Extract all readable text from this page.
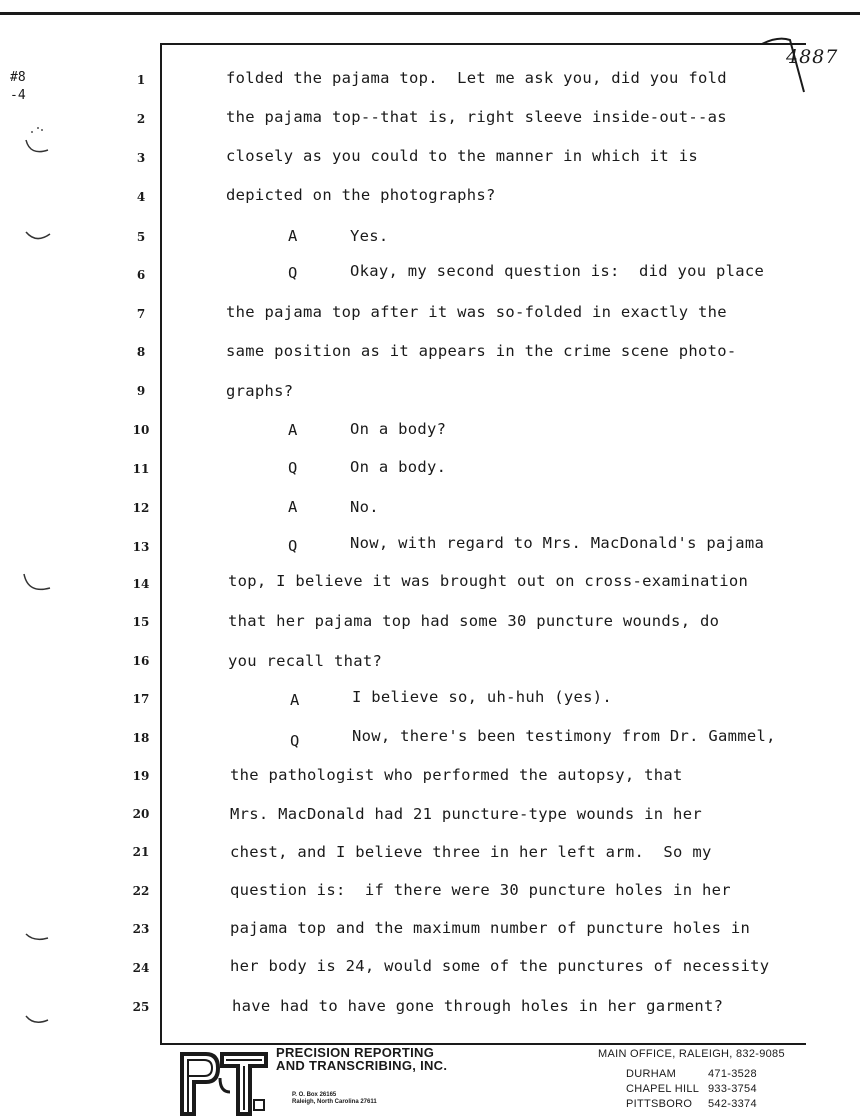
4887
#8
-4
1	folded the pajama top.  Let me ask you, did you fold
2	the pajama top--that is, right sleeve inside-out--as
3	closely as you could to the manner in which it is
4	depicted on the photographs?
5	A	Yes.
6	Q	Okay, my second question is:  did you place
7	the pajama top after it was so-folded in exactly the
8	same position as it appears in the crime scene photo-
9	graphs?
10	A	On a body?
11	Q	On a body.
12	A	No.
13	Q	Now, with regard to Mrs. MacDonald's pajama
14	top, I believe it was brought out on cross-examination
15	that her pajama top had some 30 puncture wounds, do
16	you recall that?
17	A	I believe so, uh-huh (yes).
18	Q	Now, there's been testimony from Dr. Gammel,
19	the pathologist who performed the autopsy, that
20	Mrs. MacDonald had 21 puncture-type wounds in her
21	chest, and I believe three in her left arm.  So my
22	question is:  if there were 30 puncture holes in her
23	pajama top and the maximum number of puncture holes in
24	her body is 24, would some of the punctures of necessity
25	have had to have gone through holes in her garment?
PRECISION REPORTING
AND TRANSCRIBING, INC.
P. O. Box 26165
Raleigh, North Carolina 27611
MAIN OFFICE, RALEIGH, 832-9085
DURHAM	471-3528
CHAPEL HILL 933-3754
PITTSBORO 542-3374
